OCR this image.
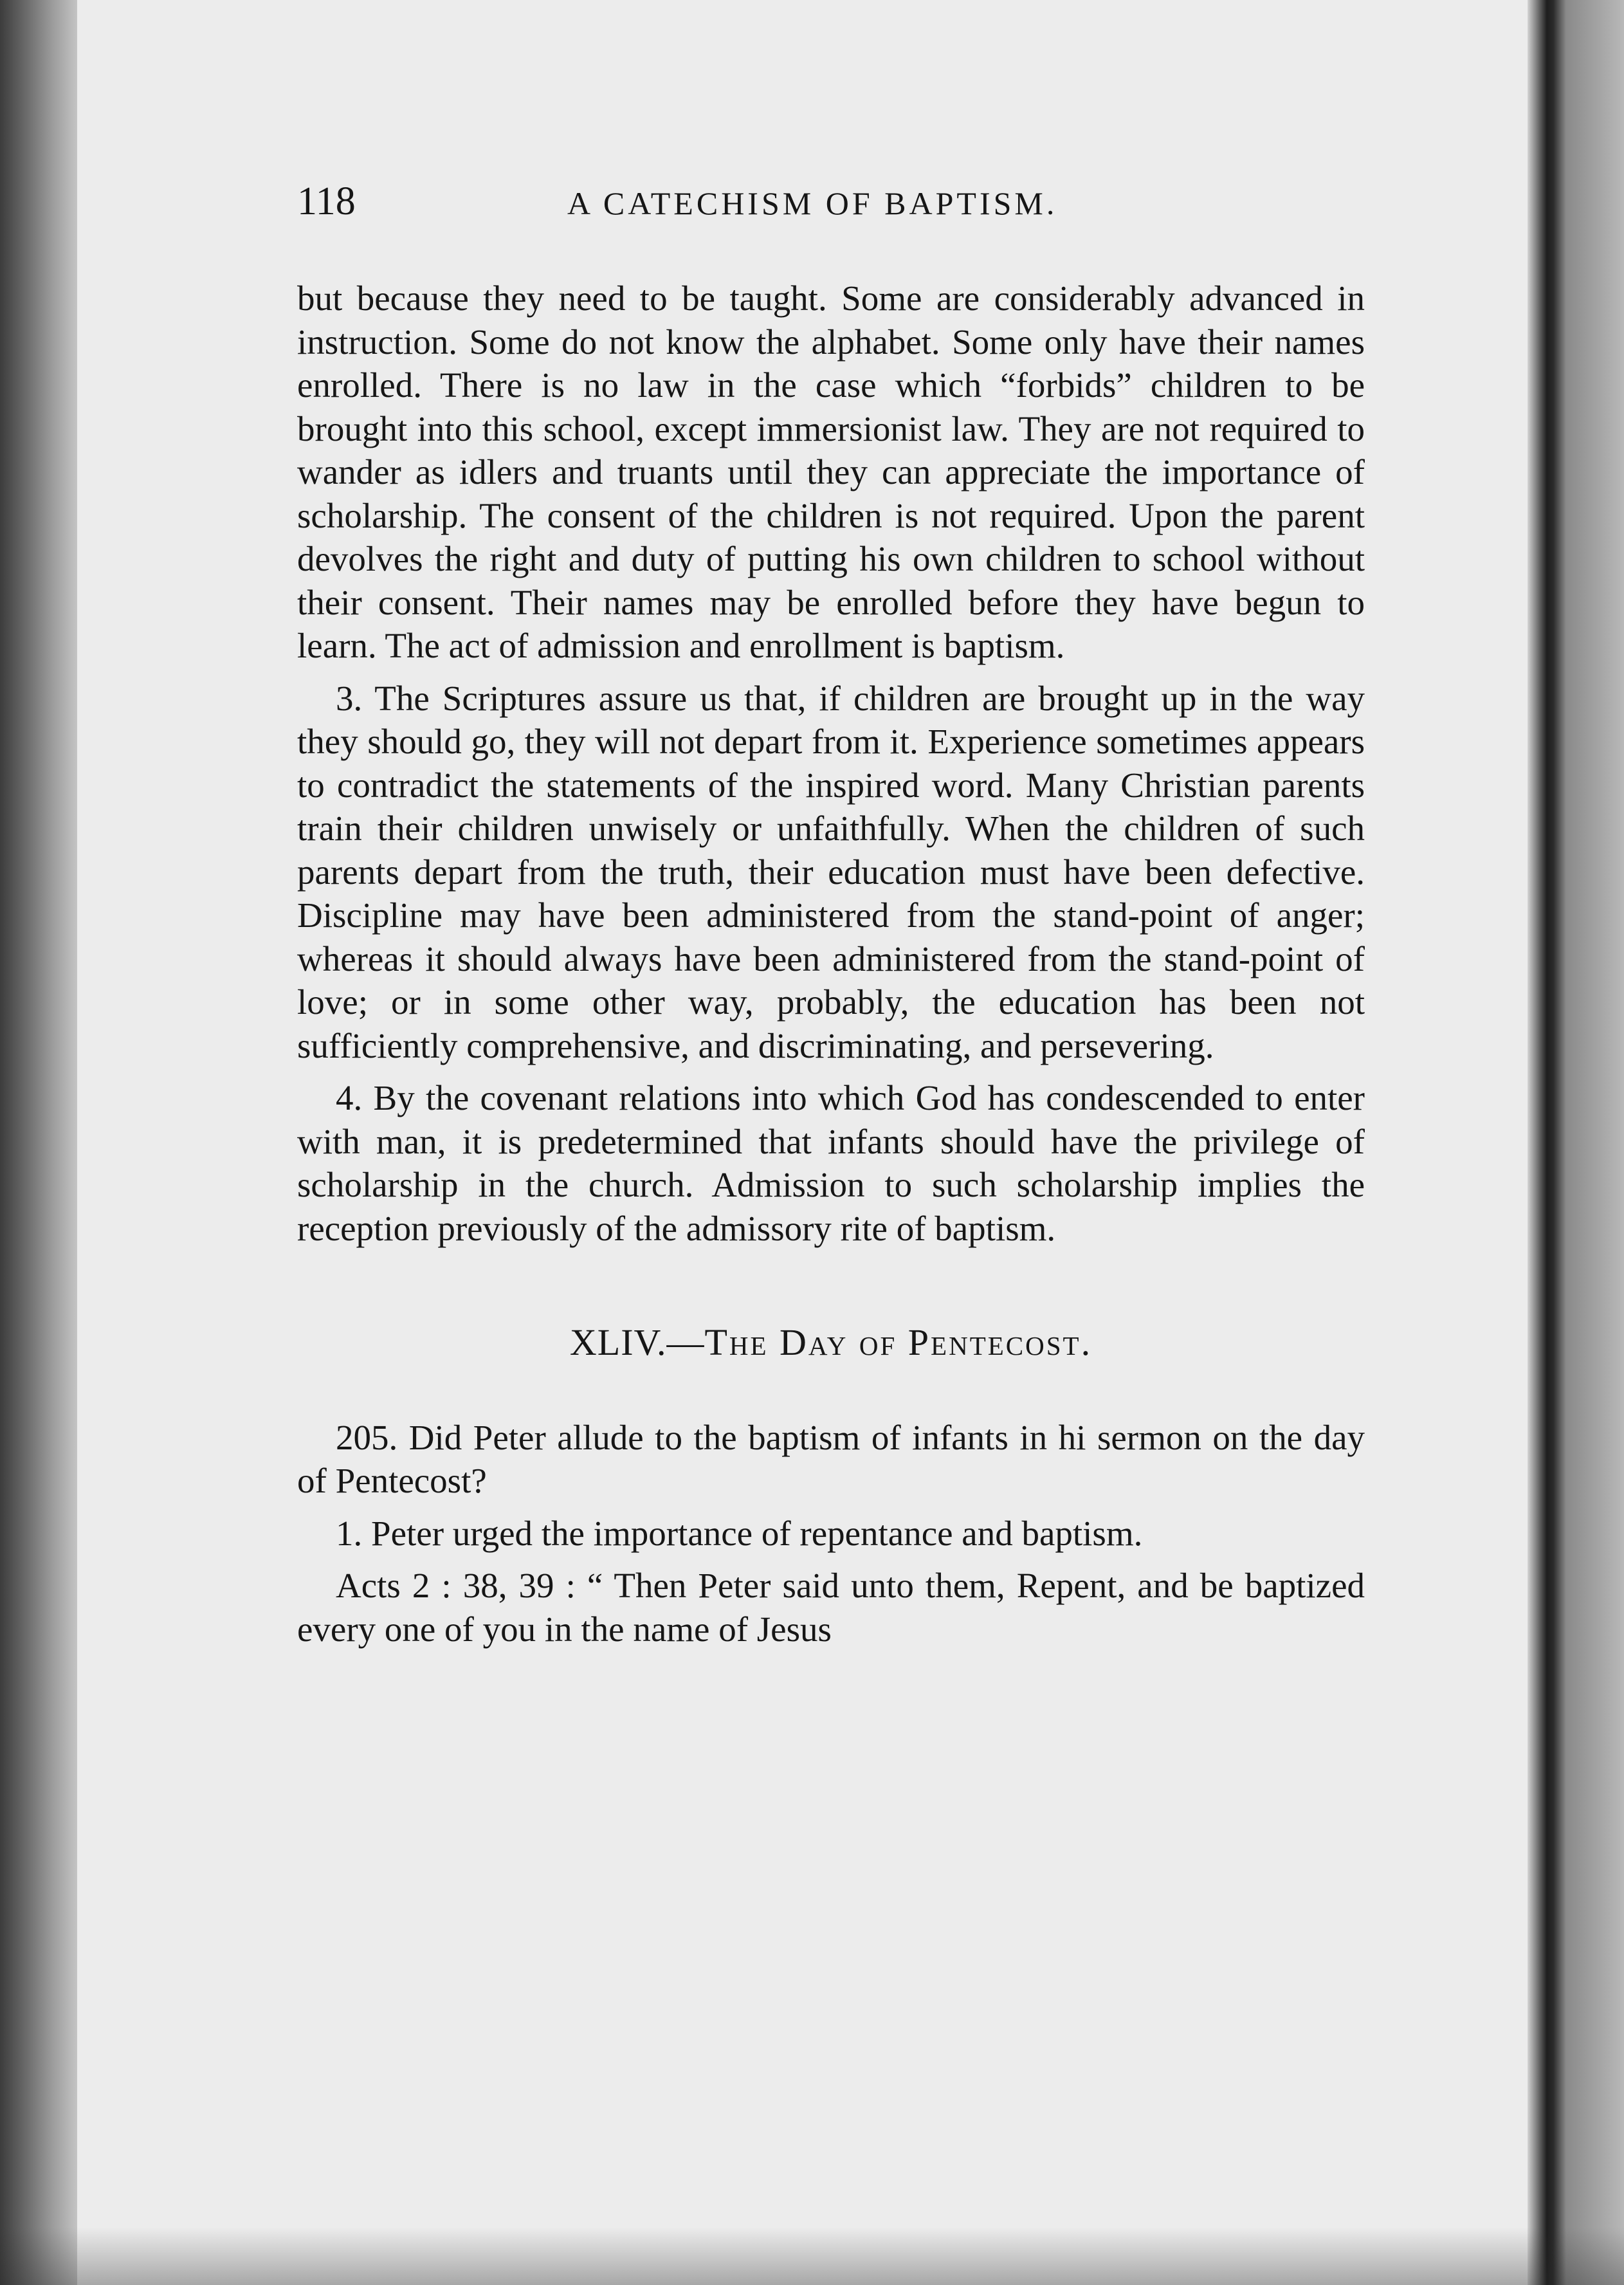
118	A CATECHISM OF BAPTISM.

but because they need to be taught. Some are considerably advanced in instruction. Some do not know the alphabet. Some only have their names enrolled. There is no law in the case which “forbids” children to be brought into this school, except immersionist law. They are not required to wander as idlers and truants until they can appreciate the importance of scholarship. The consent of the children is not required. Upon the parent devolves the right and duty of putting his own children to school without their consent. Their names may be enrolled before they have begun to learn. The act of admission and enrollment is baptism.

3. The Scriptures assure us that, if children are brought up in the way they should go, they will not depart from it. Experience sometimes appears to contradict the statements of the inspired word. Many Christian parents train their children unwisely or unfaithfully. When the children of such parents depart from the truth, their education must have been defective. Discipline may have been administered from the stand-point of anger; whereas it should always have been administered from the stand-point of love; or in some other way, probably, the education has been not sufficiently comprehensive, and discriminating, and persevering.

4. By the covenant relations into which God has condescended to enter with man, it is predetermined that infants should have the privilege of scholarship in the church. Admission to such scholarship implies the reception previously of the admissory rite of baptism.

XLIV.—The Day of Pentecost.

205. Did Peter allude to the baptism of infants in hi sermon on the day of Pentecost?

1. Peter urged the importance of repentance and baptism.

Acts 2 : 38, 39 : “ Then Peter said unto them, Repent, and be baptized every one of you in the name of Jesus
